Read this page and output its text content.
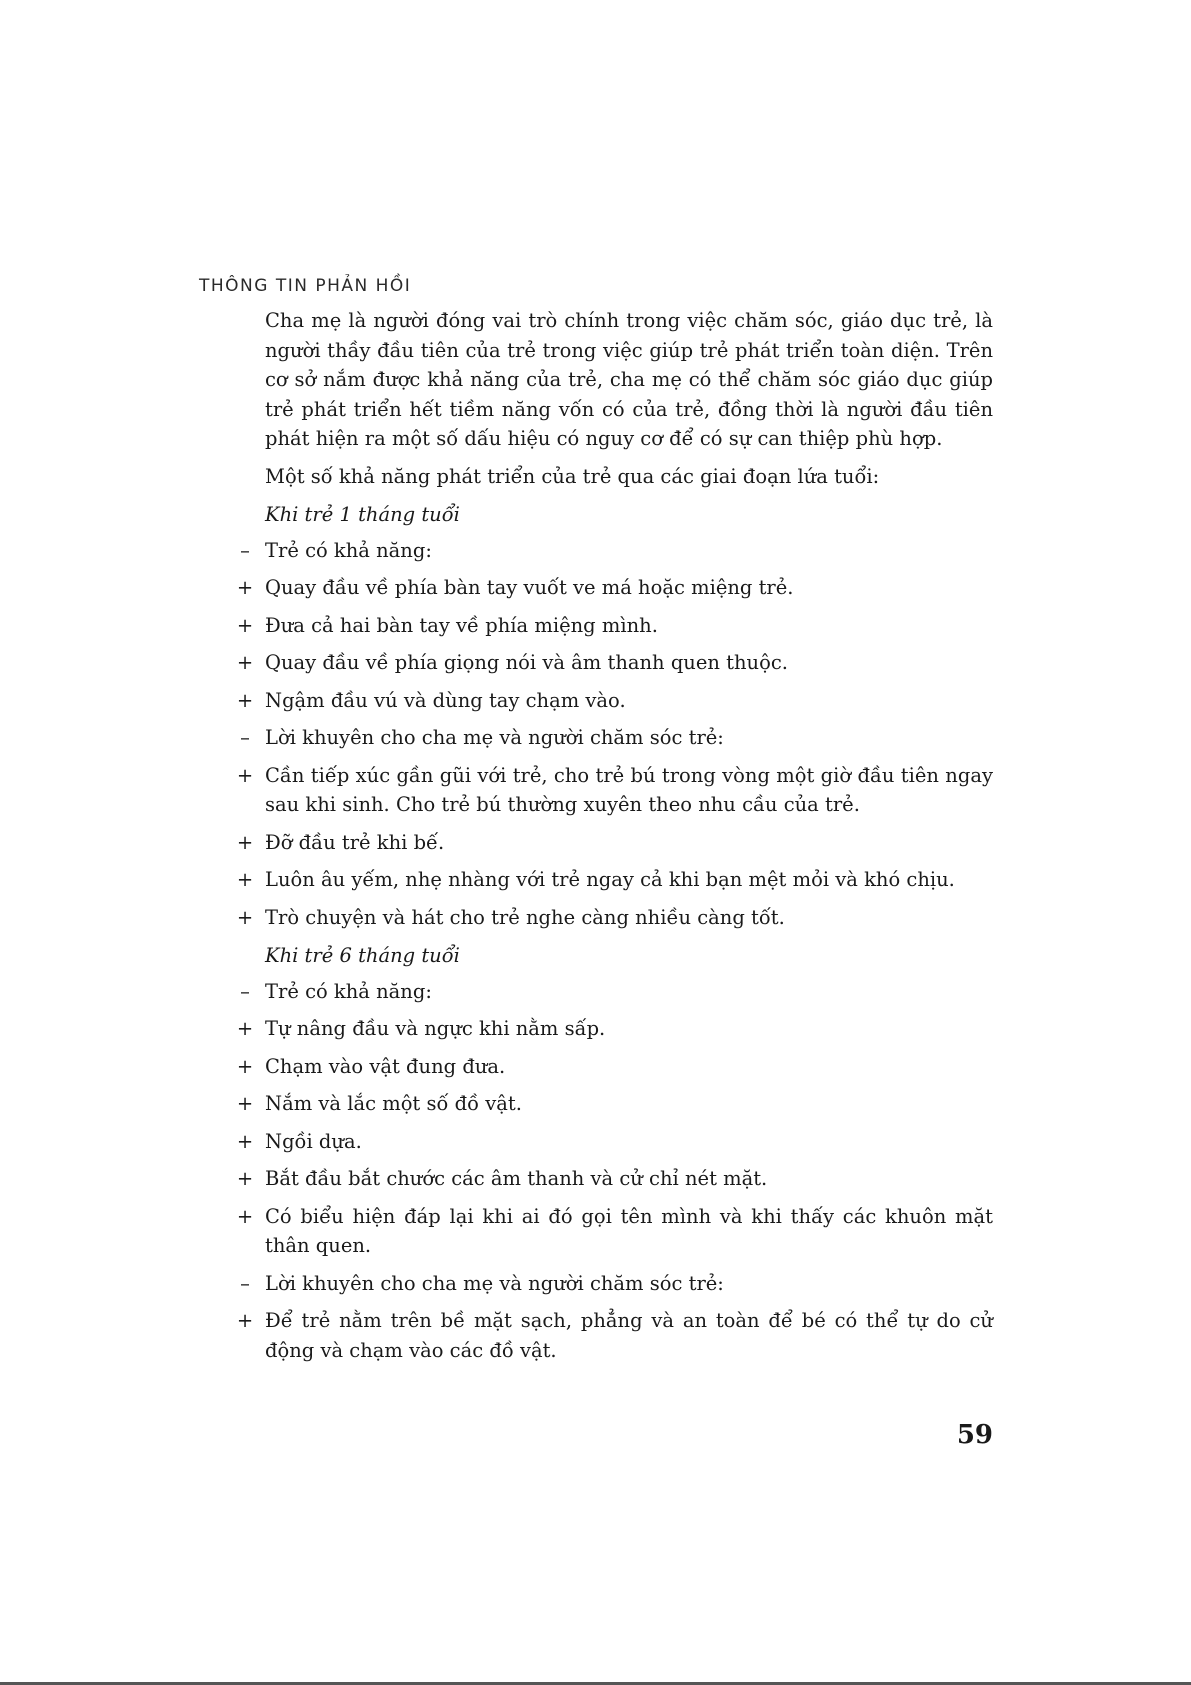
THÔNG TIN PHẢN HỒI

Cha mẹ là người đóng vai trò chính trong việc chăm sóc, giáo dục trẻ, là người thầy đầu tiên của trẻ trong việc giúp trẻ phát triển toàn diện. Trên cơ sở nắm được khả năng của trẻ, cha mẹ có thể chăm sóc giáo dục giúp trẻ phát triển hết tiềm năng vốn có của trẻ, đồng thời là người đầu tiên phát hiện ra một số dấu hiệu có nguy cơ để có sự can thiệp phù hợp.

Một số khả năng phát triển của trẻ qua các giai đoạn lứa tuổi:

Khi trẻ 1 tháng tuổi
– Trẻ có khả năng:
+ Quay đầu về phía bàn tay vuốt ve má hoặc miệng trẻ.
+ Đưa cả hai bàn tay về phía miệng mình.
+ Quay đầu về phía giọng nói và âm thanh quen thuộc.
+ Ngậm đầu vú và dùng tay chạm vào.
– Lời khuyên cho cha mẹ và người chăm sóc trẻ:
+ Cần tiếp xúc gần gũi với trẻ, cho trẻ bú trong vòng một giờ đầu tiên ngay sau khi sinh. Cho trẻ bú thường xuyên theo nhu cầu của trẻ.
+ Đỡ đầu trẻ khi bế.
+ Luôn âu yếm, nhẹ nhàng với trẻ ngay cả khi bạn mệt mỏi và khó chịu.
+ Trò chuyện và hát cho trẻ nghe càng nhiều càng tốt.
Khi trẻ 6 tháng tuổi
– Trẻ có khả năng:
+ Tự nâng đầu và ngực khi nằm sấp.
+ Chạm vào vật đung đưa.
+ Nắm và lắc một số đồ vật.
+ Ngồi dựa.
+ Bắt đầu bắt chước các âm thanh và cử chỉ nét mặt.
+ Có biểu hiện đáp lại khi ai đó gọi tên mình và khi thấy các khuôn mặt thân quen.
– Lời khuyên cho cha mẹ và người chăm sóc trẻ:
+ Để trẻ nằm trên bề mặt sạch, phẳng và an toàn để bé có thể tự do cử động và chạm vào các đồ vật.
59
